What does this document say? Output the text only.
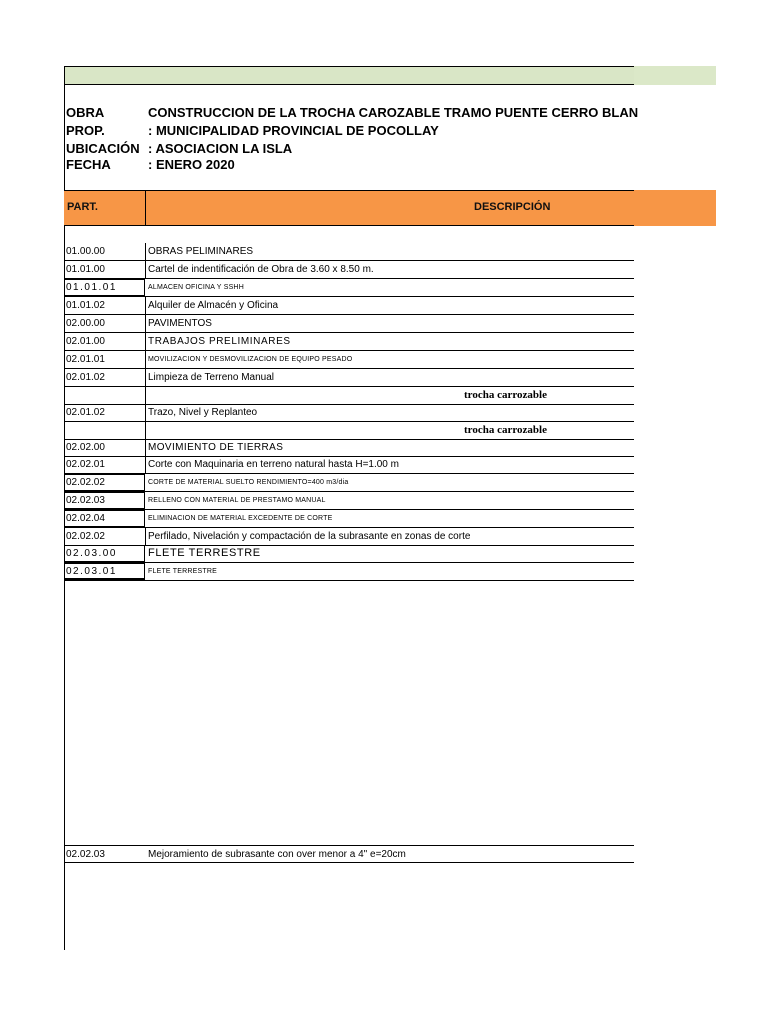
OBRA	CONSTRUCCION DE LA TROCHA CAROZABLE TRAMO PUENTE CERRO BLAN
PROP.	: MUNICIPALIDAD PROVINCIAL DE POCOLLAY
UBICACIÓN : ASOCIACION LA ISLA
FECHA	: ENERO 2020
PART.	DESCRIPCIÓN
01.00.00	OBRAS PELIMINARES
01.01.00	Cartel de indentificación de Obra de 3.60 x 8.50 m.
01.01.01	ALMACEN OFICINA Y SSHH
01.01.02	Alquiler de Almacén y Oficina
02.00.00	PAVIMENTOS
02.01.00	TRABAJOS PRELIMINARES
02.01.01	MOVILIZACION Y DESMOVILIZACION DE EQUIPO PESADO
02.01.02	Limpieza de Terreno Manual
trocha carrozable
02.01.02	Trazo, Nivel y Replanteo
trocha carrozable
02.02.00	MOVIMIENTO DE TIERRAS
02.02.01	Corte con Maquinaria en terreno natural hasta H=1.00 m
02.02.02	CORTE DE MATERIAL SUELTO RENDIMIENTO=400 m3/dia
02.02.03	RELLENO CON MATERIAL DE PRESTAMO MANUAL
02.02.04	ELIMINACION DE MATERIAL EXCEDENTE DE CORTE
02.02.02	Perfilado, Nivelación y compactación de la subrasante en zonas de corte
02.03.00	FLETE TERRESTRE
02.03.01	FLETE TERRESTRE
02.02.03	Mejoramiento de subrasante con over menor a 4" e=20cm
